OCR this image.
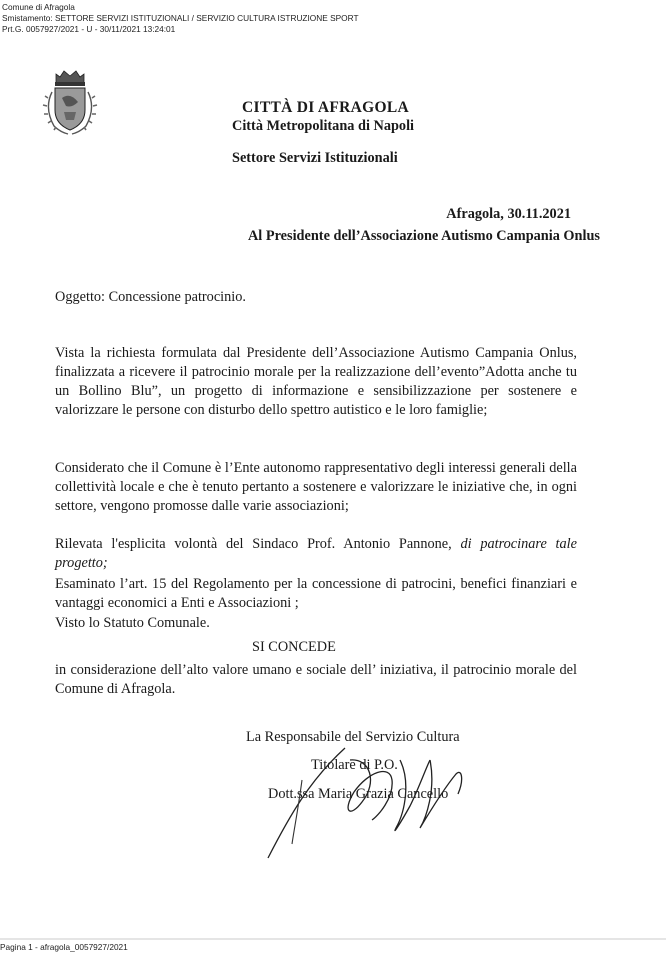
Comune di Afragola
Smistamento: SETTORE SERVIZI ISTITUZIONALI / SERVIZIO CULTURA ISTRUZIONE SPORT
Prt.G. 0057927/2021 - U - 30/11/2021 13:24:01
CITTÀ DI AFRAGOLA
Città Metropolitana di Napoli
Settore Servizi Istituzionali
Afragola, 30.11.2021
Al Presidente dell’Associazione Autismo Campania Onlus
Oggetto: Concessione patrocinio.
Vista la richiesta formulata dal Presidente dell’Associazione Autismo Campania Onlus, finalizzata a ricevere il patrocinio morale per la realizzazione dell’evento”Adotta anche tu un Bollino Blu”, un progetto di informazione e sensibilizzazione per sostenere e valorizzare le persone con disturbo dello spettro autistico e le loro famiglie;
Considerato che il Comune è l’Ente autonomo rappresentativo degli interessi generali della collettività locale e che è tenuto pertanto a sostenere e valorizzare le iniziative che, in ogni settore, vengono promosse dalle varie associazioni;
Rilevata l'esplicita volontà del Sindaco Prof. Antonio Pannone, di patrocinare tale progetto;
Esaminato l’art. 15 del Regolamento per la concessione di patrocini, benefici finanziari e vantaggi economici a Enti e Associazioni ;
Visto lo Statuto Comunale.
SI CONCEDE
in considerazione dell’alto valore umano e sociale dell’ iniziativa, il patrocinio morale del Comune di Afragola.
La Responsabile del Servizio Cultura
Titolare di P.O.
Dott.ssa Maria Grazia Cancello
Pagina 1 - afragola_0057927/2021
